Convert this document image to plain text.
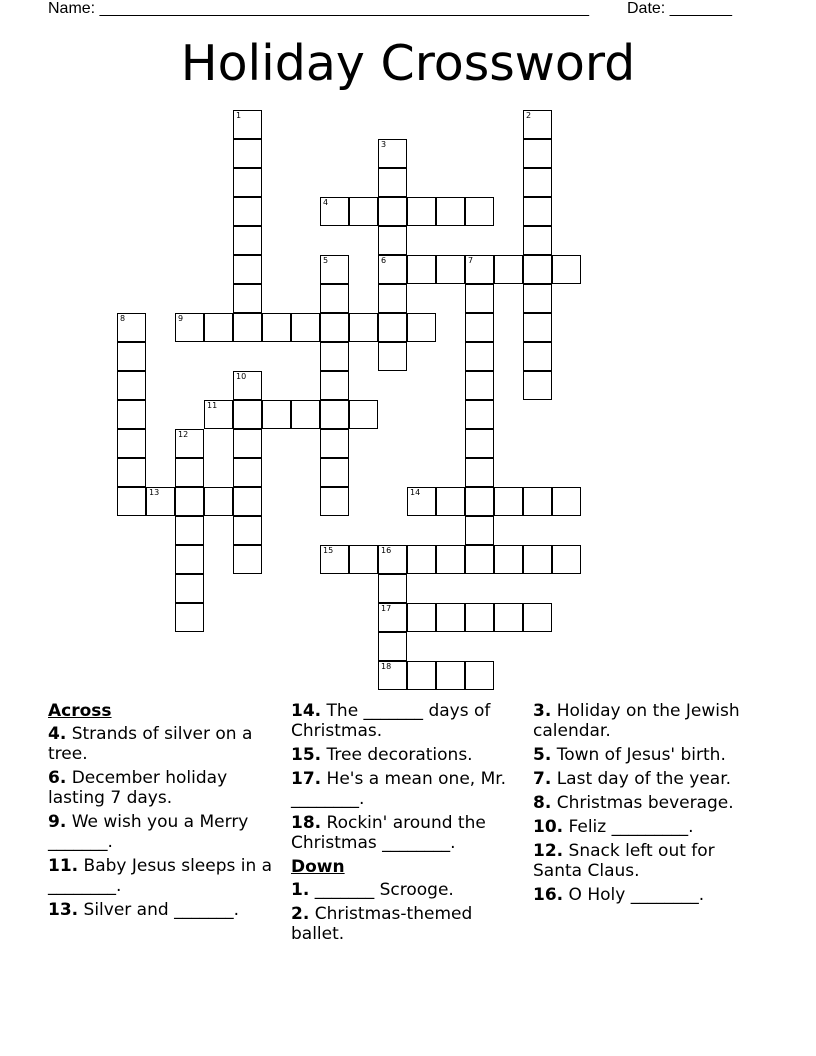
Name: _______________________________________________________ Date: _______
Holiday Crossword
1	2
3
6
4
5	7
8	9
10
11
12
13	14
15	16
17
18
Across
4. Strands of silver on a tree.
6. December holiday lasting 7 days.
9. We wish you a Merry _______.
11. Baby Jesus sleeps in a ________.
13. Silver and _______.
14. The _______ days of Christmas.
15. Tree decorations.
17. He's a mean one, Mr. ________.
18. Rockin' around the Christmas ________.
Down
1. _______ Scrooge.
2. Christmas-themed ballet.
3. Holiday on the Jewish calendar.
5. Town of Jesus' birth.
7. Last day of the year.
8. Christmas beverage.
10. Feliz _________.
12. Snack left out for Santa Claus.
16. O Holy ________.
